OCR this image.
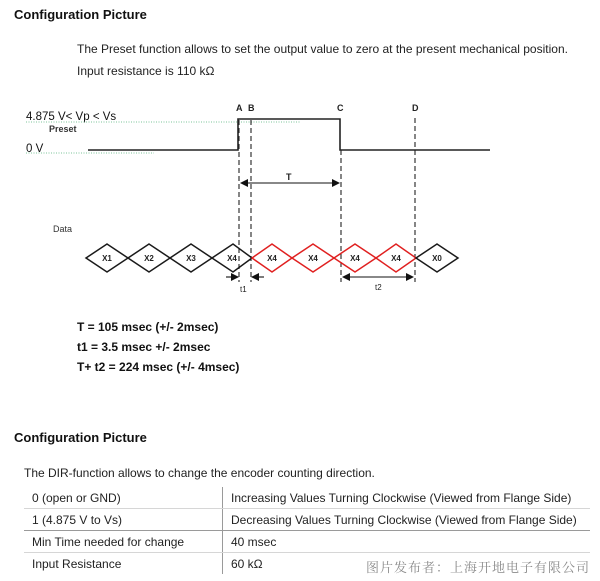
Configuration Picture
The Preset function allows to set the output value to zero at the present mechanical position.
Input resistance is 110 kΩ
4.875 V< Vp < Vs
Preset
0 V
A B	C	D
T
Data
X1	X2	X3	X4	X4	X4	X4	X4	X0
t1	t2
T = 105 msec (+/- 2msec)
t1 = 3.5 msec +/- 2msec
T+ t2 = 224 msec (+/- 4msec)
Configuration Picture
The DIR-function allows to change the encoder counting direction.
0 (open or GND)	Increasing Values Turning Clockwise (Viewed from Flange Side)
1 (4.875 V to Vs)	Decreasing Values Turning Clockwise (Viewed from Flange Side)
Min Time needed for change	40 msec
Input Resistance	60 kΩ	图片发布者：上海开地电子有限公司
